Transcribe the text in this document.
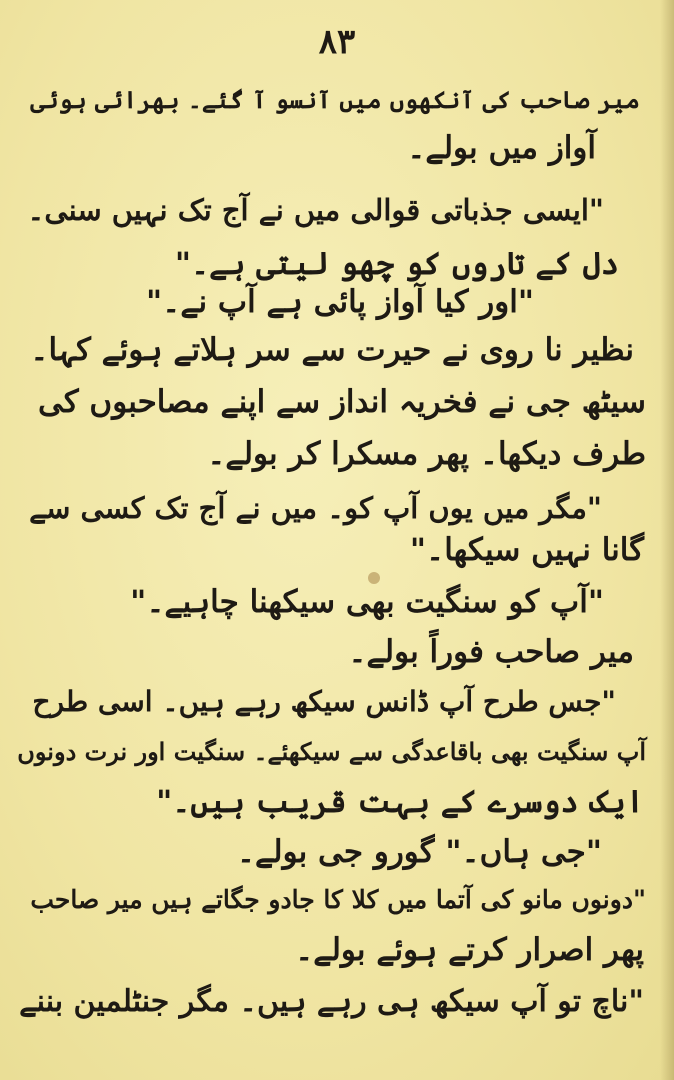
۸۳
میر صاحب کی آنکھوں میں آنسو آ گئے۔ بھرائی ہوئی
آواز میں بولے۔
"ایسی جذباتی قوالی میں نے آج تک نہیں سنی۔
دل کے تاروں کو چھو لیتی ہے۔"
"اور کیا آواز پائی ہے آپ نے۔"
نظیر نا روی نے حیرت سے سر ہلاتے ہوئے کہا۔
سیٹھ جی نے فخریہ انداز سے اپنے مصاحبوں کی
طرف دیکھا۔ پھر مسکرا کر بولے۔
"مگر میں یوں آپ کو۔ میں نے آج تک کسی سے
گانا نہیں سیکھا۔"
"آپ کو سنگیت بھی سیکھنا چاہیے۔"
میر صاحب فوراً بولے۔
"جس طرح آپ ڈانس سیکھ رہے ہیں۔ اسی طرح
آپ سنگیت بھی باقاعدگی سے سیکھئے۔ سنگیت اور نرت دونوں
ایک دوسرے کے بہت قریب ہیں۔"
"جی ہاں۔" گورو جی بولے۔
"دونوں مانو کی آتما میں کلا کا جادو جگاتے ہیں میر صاحب
پھر اصرار کرتے ہوئے بولے۔
"ناچ تو آپ سیکھ ہی رہے ہیں۔ مگر جنٹلمین بننے
